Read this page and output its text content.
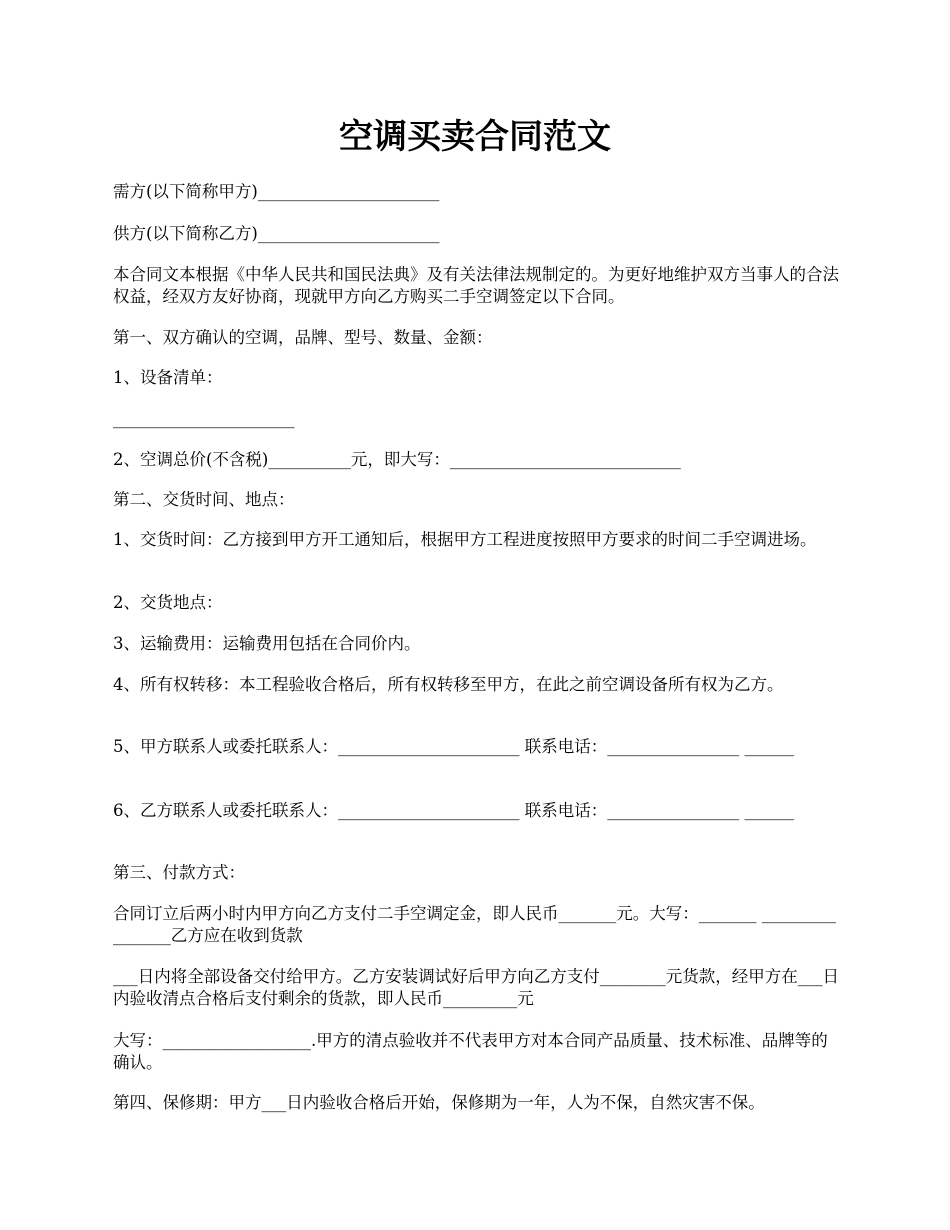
空调买卖合同范文

需方(以下简称甲方)______________________

供方(以下简称乙方)______________________

本合同文本根据《中华人民共和国民法典》及有关法律法规制定的。为更好地维护双方当事人的合法权益，经双方友好协商，现就甲方向乙方购买二手空调签定以下合同。

第一、双方确认的空调，品牌、型号、数量、金额：

1、设备清单：

______________________

2、空调总价(不含税)__________元，即大写：____________________________

第二、交货时间、地点：

1、交货时间：乙方接到甲方开工通知后，根据甲方工程进度按照甲方要求的时间二手空调进场。

2、交货地点：

3、运输费用：运输费用包括在合同价内。

4、所有权转移：本工程验收合格后，所有权转移至甲方，在此之前空调设备所有权为乙方。

5、甲方联系人或委托联系人：______________________ 联系电话：________________ ______

6、乙方联系人或委托联系人：______________________ 联系电话：________________ ______

第三、付款方式：

合同订立后两小时内甲方向乙方支付二手空调定金，即人民币_______元。大写：_______ ________________乙方应在收到货款

___日内将全部设备交付给甲方。乙方安装调试好后甲方向乙方支付________元货款，经甲方在___日内验收清点合格后支付剩余的货款，即人民币_________元

大写：__________________.甲方的清点验收并不代表甲方对本合同产品质量、技术标准、品牌等的确认。

第四、保修期：甲方___日内验收合格后开始，保修期为一年，人为不保，自然灾害不保。
